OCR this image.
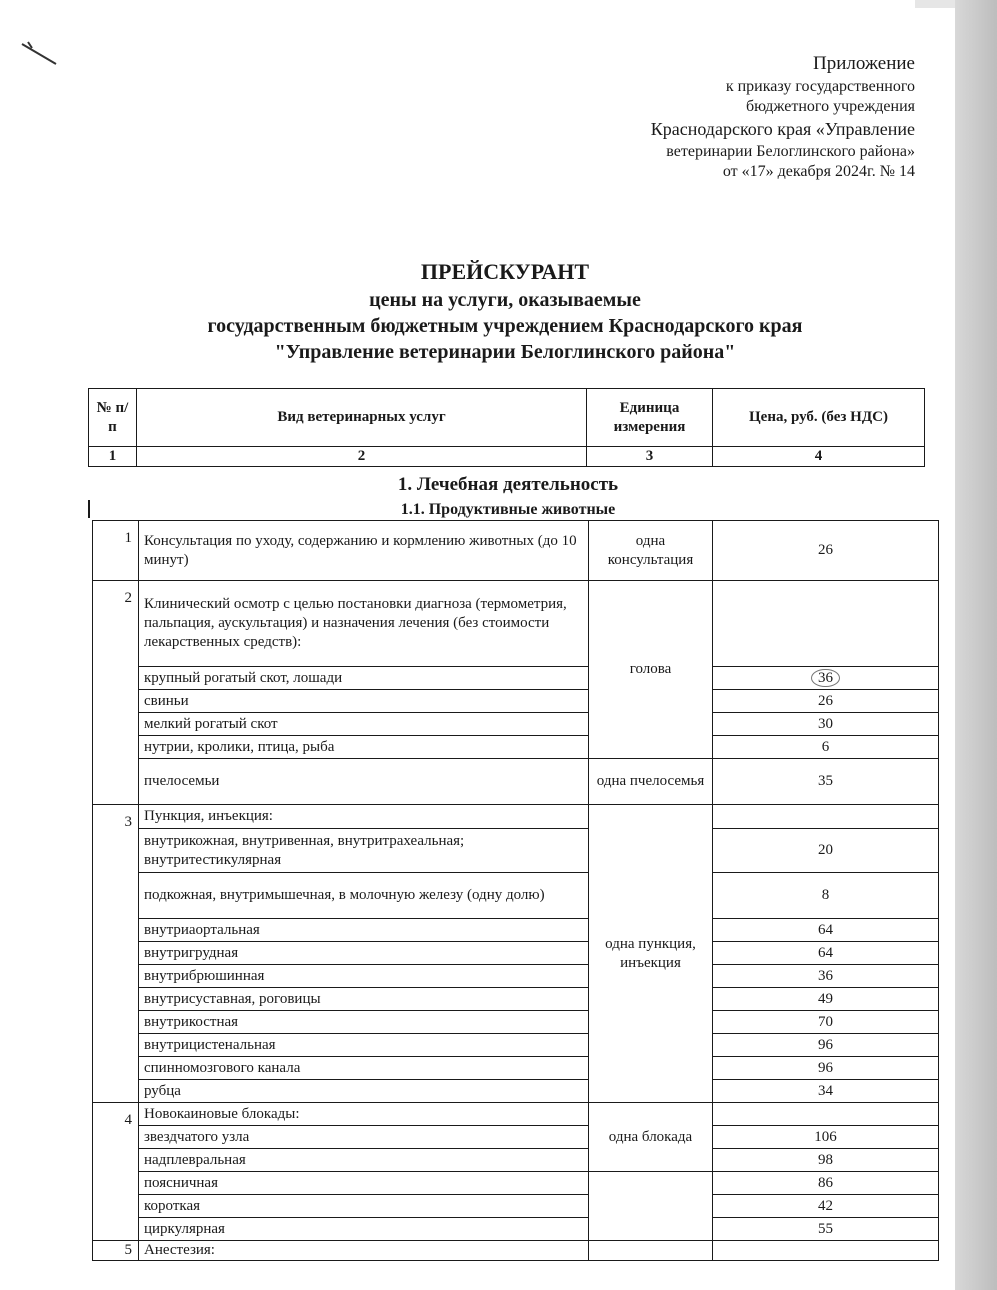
Приложение
к приказу государственного
бюджетного учреждения
Краснодарского края «Управление
ветеринарии Белоглинского района»
от «17» декабря 2024г. № 14
ПРЕЙСКУРАНТ
цены на услуги, оказываемые
государственным бюджетным учреждением Краснодарского края
"Управление ветеринарии Белоглинского района"
№ п/п	Вид ветеринарных услуг	Единица измерения	Цена, руб. (без НДС)
1	2	3	4
1. Лечебная деятельность
1.1. Продуктивные животные
1	Консультация по уходу, содержанию и кормлению животных (до 10 минут)	одна консультация	26
2	Клинический осмотр с целью постановки диагноза (термометрия, пальпация, аускультация) и назначения лечения (без стоимости лекарственных средств):	голова	
	крупный рогатый скот, лошади		36
	свиньи		26
	мелкий рогатый скот		30
	нутрии, кролики, птица, рыба		6
	пчелосемьи	одна пчелосемья	35
3	Пункция, инъекция:	одна пункция, инъекция	
	внутрикожная, внутривенная, внутритрахеальная; внутритестикулярная		20
	подкожная, внутримышечная, в молочную железу (одну долю)		8
	внутриаортальная		64
	внутригрудная		64
	внутрибрюшинная		36
	внутрисуставная, роговицы		49
	внутрикостная		70
	внутрицистенальная		96
	спинномозгового канала		96
	рубца		34
4	Новокаиновые блокады:	одна блокада	
	звездчатого узла		106
	надплевральная		98
	поясничная		86
	короткая		42
	циркулярная		55
5	Анестезия:		
